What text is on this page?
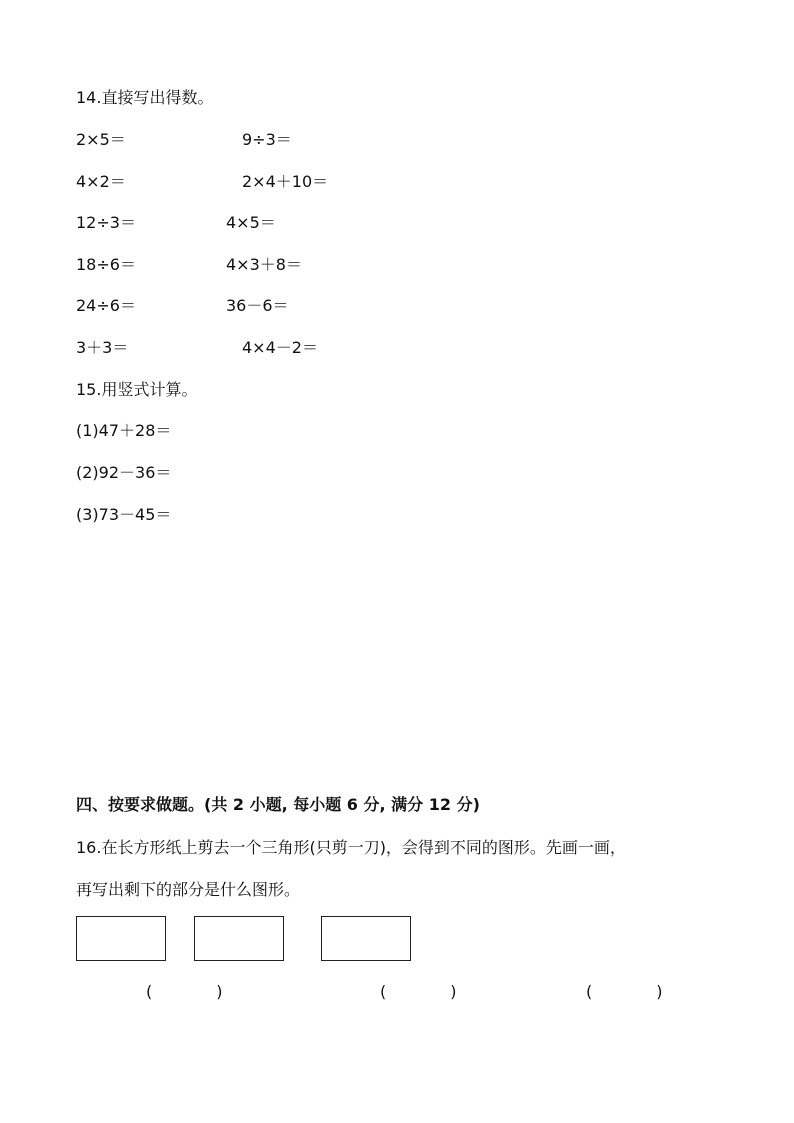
14.直接写出得数。
2×5＝	9÷3＝
4×2＝	2×4＋10＝
12÷3＝	4×5＝
18÷6＝	4×3＋8＝
24÷6＝	36－6＝
3＋3＝	4×4－2＝
15.用竖式计算。
(1)47＋28＝
(2)92－36＝
(3)73－45＝
四、按要求做题。(共 2 小题, 每小题 6 分, 满分 12 分)
16.在长方形纸上剪去一个三角形(只剪一刀)，会得到不同的图形。先画一画，
再写出剩下的部分是什么图形。
(　　　　)	(　　　　)	(　　　　)
